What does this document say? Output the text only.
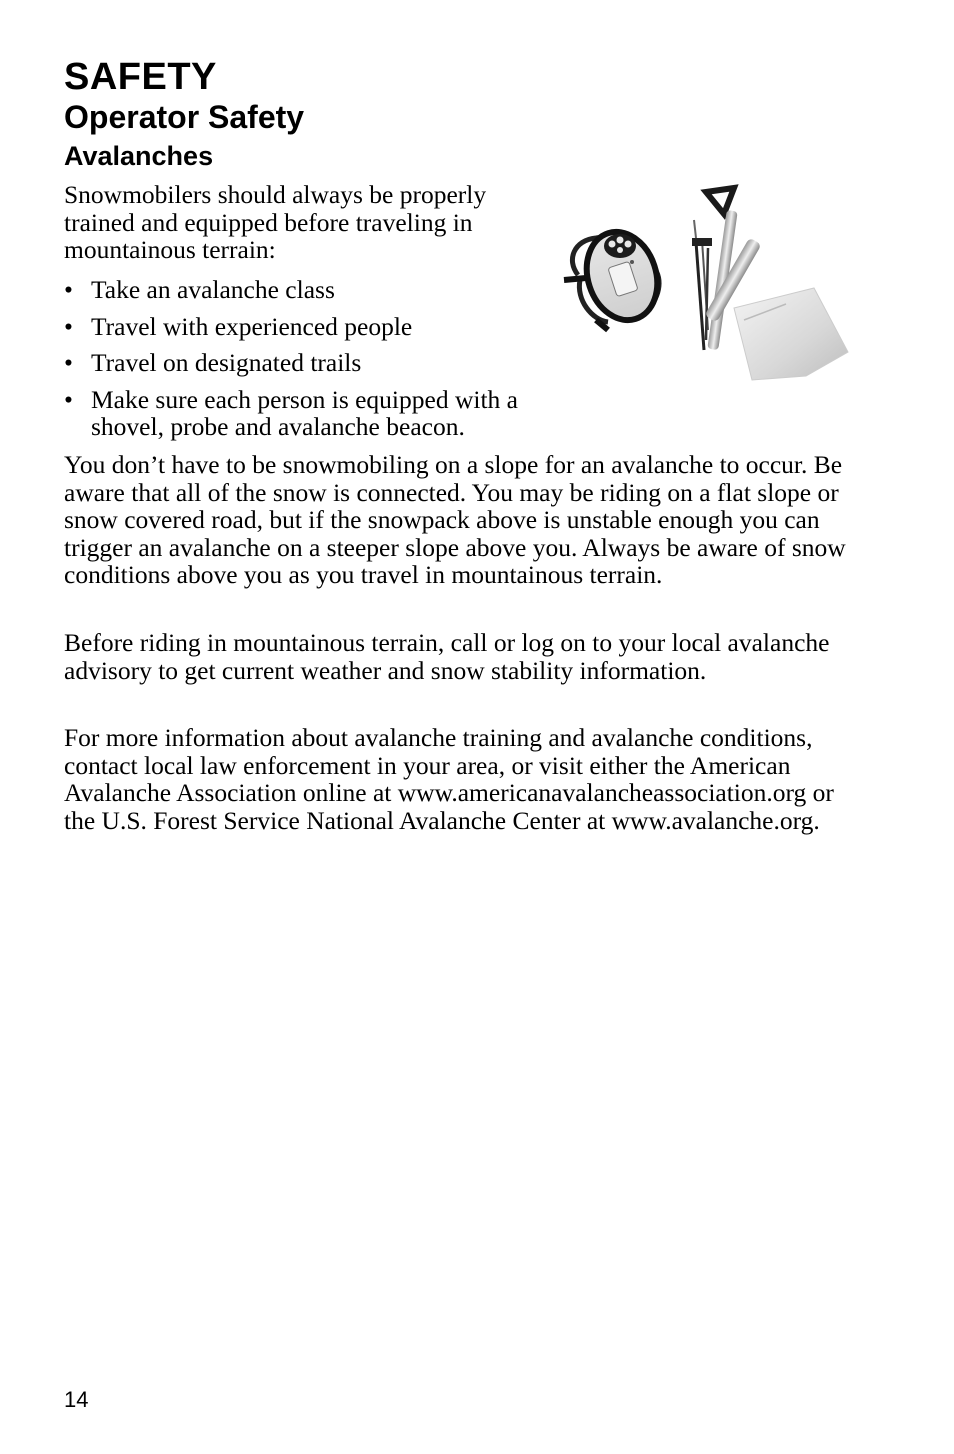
SAFETY
Operator Safety
Avalanches

Snowmobilers should always be properly trained and equipped before traveling in mountainous terrain:

• Take an avalanche class
• Travel with experienced people
• Travel on designated trails
• Make sure each person is equipped with a shovel, probe and avalanche beacon.

You don’t have to be snowmobiling on a slope for an avalanche to occur. Be aware that all of the snow is connected. You may be riding on a flat slope or snow covered road, but if the snowpack above is unstable enough you can trigger an avalanche on a steeper slope above you. Always be aware of snow conditions above you as you travel in mountainous terrain.

Before riding in mountainous terrain, call or log on to your local avalanche advisory to get current weather and snow stability information.

For more information about avalanche training and avalanche conditions, contact local law enforcement in your area, or visit either the American Avalanche Association online at www.americanavalancheassociation.org or the U.S. Forest Service National Avalanche Center at www.avalanche.org.

14
